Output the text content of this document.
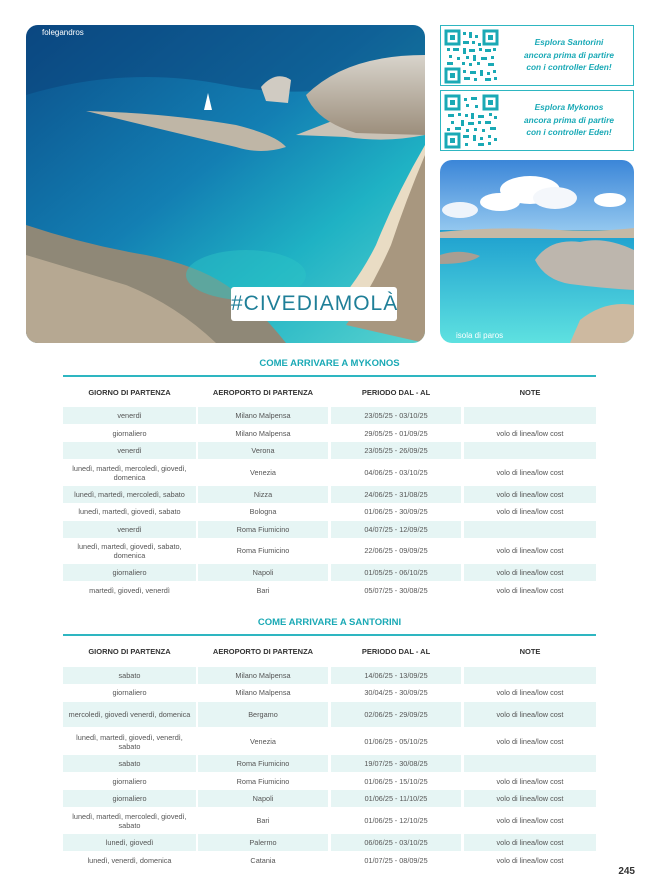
folegandros
#CIVEDIAMOLÀ
Esplora Santorini
ancora prima di partire
con i controller Eden!
Esplora Mykonos
ancora prima di partire
con i controller Eden!
isola di paros
COME ARRIVARE A MYKONOS
GIORNO DI PARTENZA	AEROPORTO DI PARTENZA	PERIODO DAL - AL	NOTE
venerdì	Milano Malpensa	23/05/25 - 03/10/25
giornaliero	Milano Malpensa	29/05/25 - 01/09/25	volo di linea/low cost
venerdì	Verona	23/05/25 - 26/09/25
lunedì, martedì, mercoledì, giovedì, domenica	Venezia	04/06/25 - 03/10/25	volo di linea/low cost
lunedì, martedì, mercoledì, sabato	Nizza	24/06/25 - 31/08/25	volo di linea/low cost
lunedì, martedì, giovedì, sabato	Bologna	01/06/25 - 30/09/25	volo di linea/low cost
venerdì	Roma Fiumicino	04/07/25 - 12/09/25
lunedì, martedì, giovedì, sabato, domenica	Roma Fiumicino	22/06/25 - 09/09/25	volo di linea/low cost
giornaliero	Napoli	01/05/25 - 06/10/25	volo di linea/low cost
martedì, giovedì, venerdì	Bari	05/07/25 - 30/08/25	volo di linea/low cost
COME ARRIVARE A SANTORINI
GIORNO DI PARTENZA	AEROPORTO DI PARTENZA	PERIODO DAL - AL	NOTE
sabato	Milano Malpensa	14/06/25 - 13/09/25
giornaliero	Milano Malpensa	30/04/25 - 30/09/25	volo di linea/low cost
mercoledì, giovedì venerdì, domenica	Bergamo	02/06/25 - 29/09/25	volo di linea/low cost
lunedì, martedì, giovedì, venerdì, sabato	Venezia	01/06/25 - 05/10/25	volo di linea/low cost
sabato	Roma Fiumicino	19/07/25 - 30/08/25
giornaliero	Roma Fiumicino	01/06/25 - 15/10/25	volo di linea/low cost
giornaliero	Napoli	01/06/25 - 11/10/25	volo di linea/low cost
lunedì, martedì, mercoledì, giovedì, sabato	Bari	01/06/25 - 12/10/25	volo di linea/low cost
lunedì, giovedì	Palermo	06/06/25 - 03/10/25	volo di linea/low cost
lunedì, venerdì, domenica	Catania	01/07/25 - 08/09/25	volo di linea/low cost
245
